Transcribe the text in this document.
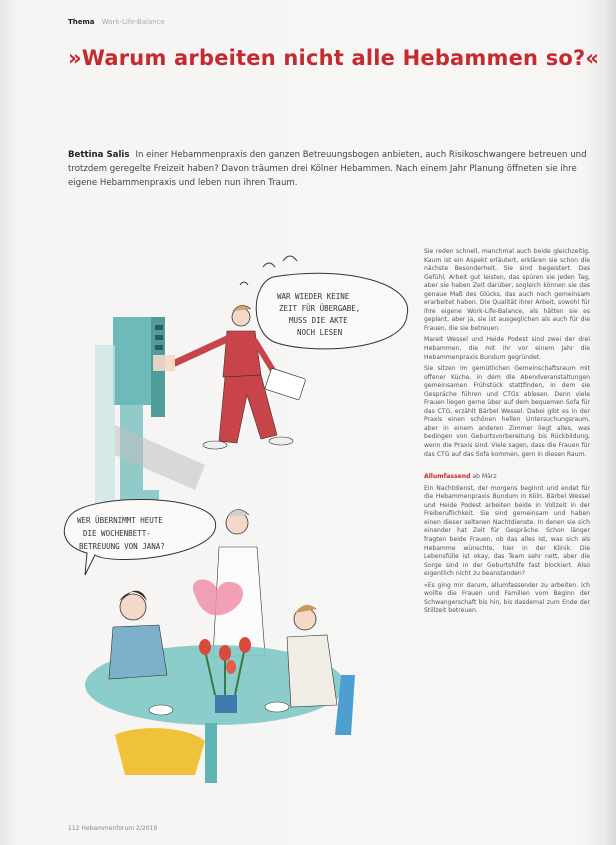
Thema Work-Life-Balance
»Warum arbeiten nicht alle Hebammen so?«
Bettina Salis In einer Hebammenpraxis den ganzen Betreuungsbogen anbieten, auch Risikoschwangere betreuen und trotzdem geregelte Freizeit haben? Davon träumen drei Kölner Hebammen. Nach einem Jahr Planung öffneten sie ihre eigene Hebammenpraxis und leben nun ihren Traum.
WAR WIEDER KEINE
ZEIT FÜR ÜBERGABE,
MUSS DIE AKTE
NOCH LESEN
WER ÜBERNIMMT HEUTE
DIE WOCHENBETT-
BETREUUNG VON JANA?

Sie reden schnell, manchmal auch beide gleichzeitig. Kaum ist ein Aspekt erläutert, erklären sie schon die nächste Besonderheit. Sie sind begeistert. Das Gefühl, Arbeit gut leisten, das spüren sie jeden Tag, aber sie haben Zeit darüber, sogleich können sie das genaue Maß des Glücks, das auch noch gemeinsam erarbeitet haben. Die Qualität ihrer Arbeit, sowohl für ihre eigene Work-Life-Balance, als hätten sie es geplant, aber ja, sie ist ausgeglichen als auch für die Frauen, die sie betreuen.

Mareit Wessel und Heide Podest sind zwei der drei Hebammen, die mit ihr vor einem Jahr die Hebammenpraxis Bundum gegründet.

Sie sitzen im gemütlichen Gemeinschaftsraum mit offener Küche, in dem die Abendveranstaltungen gemeinsamen Frühstück stattfinden, in dem sie Gespräche führen und CTGs ablesen. Denn viele Frauen liegen gerne über auf dem bequemen Sofa für das CTG, erzählt Bärbel Wessel. Dabei gibt es in der Praxis einen schönen hellen Untersuchungsraum, aber in einem anderen Zimmer liegt alles, was bedingen von Geburtsvorbereitung bis Rückbildung, wenn die Praxis sind. Viele sagen, dass die Frauen für das CTG auf das Sofa kommen, gern in diesen Raum.

Allumfassend ab März

Ein Nachtdienst, der morgens beginnt und endet für die Hebammenpraxis Bundum in Köln. Bärbel Wessel und Heide Podest arbeiten beide in Vollzeit in der Freiberuflichkeit. Sie sind gemeinsam und haben einen dieser seltenen Nachtdienste. In denen sie sich einander hat Zeit für Gespräche. Schon länger fragten beide Frauen, ob das alles ist, was sich als Hebamme wünschte, hier in der Klinik. Die Lebensfülle ist okay, das Team sehr nett, aber die Sorge sind in der Geburtshilfe fast blockiert. Also eigentlich nicht zu beanstanden?

»Es ging mir darum, allumfassender zu arbeiten. Ich wollte die Frauen und Familien vom Beginn der Schwangerschaft bis hin, bis dasdemal zum Ende der Stillzeit betreuen.

112 Hebammenforum 2/2019
